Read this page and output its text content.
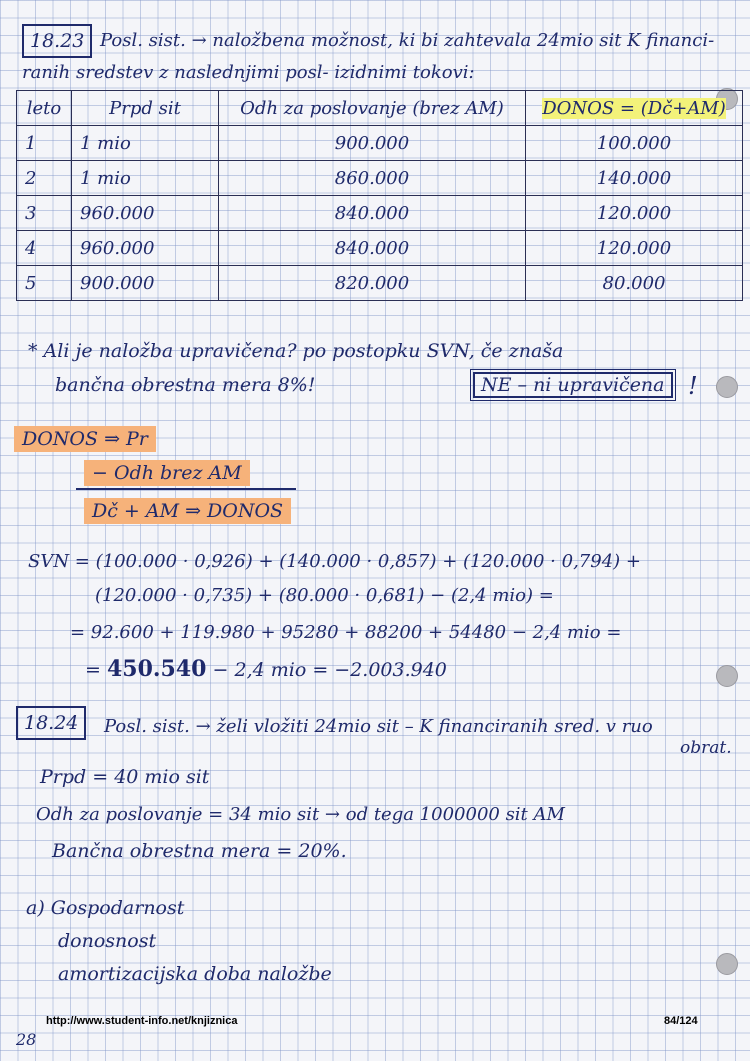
18.23 Posl. sist. → naložbena možnost, ki bi zahtevala 24mio sit K financi-
ranih sredstev z naslednjimi posl- izidnimi tokovi:
leto	Prpd sit	Odh za poslovanje (brez AM)	DONOS = (Dč+AM)
1	1 mio	900.000	100.000
2	1 mio	860.000	140.000
3	960.000	840.000	120.000
4	960.000	840.000	120.000
5	900.000	820.000	80.000
* Ali je naložba upravičena? po postopku SVN, če znaša
bančna obrestna mera 8%!	NE – ni upravičena !
DONOS ⇒ Pr
− Odh brez AM
Dč + AM ⇒ DONOS
SVN = (100.000 · 0,926) + (140.000 · 0,857) + (120.000 · 0,794) +
(120.000 · 0,735) + (80.000 · 0,681) − (2,4 mio) =
= 92.600 + 119.980 + 95280 + 88200 + 54480 − 2,4 mio =
= 450.540 − 2,4 mio = −2.003.940
18.24	Posl. sist. → želi vložiti 24mio sit – K financiranih sred. v ruo
obrat.
Prpd = 40 mio sit
Odh za poslovanje = 34 mio sit → od tega 1000000 sit AM
Bančna obrestna mera = 20%.
a) Gospodarnost
donosnost
amortizacijska doba naložbe
http://www.student-info.net/knjiznica	84/124
28
